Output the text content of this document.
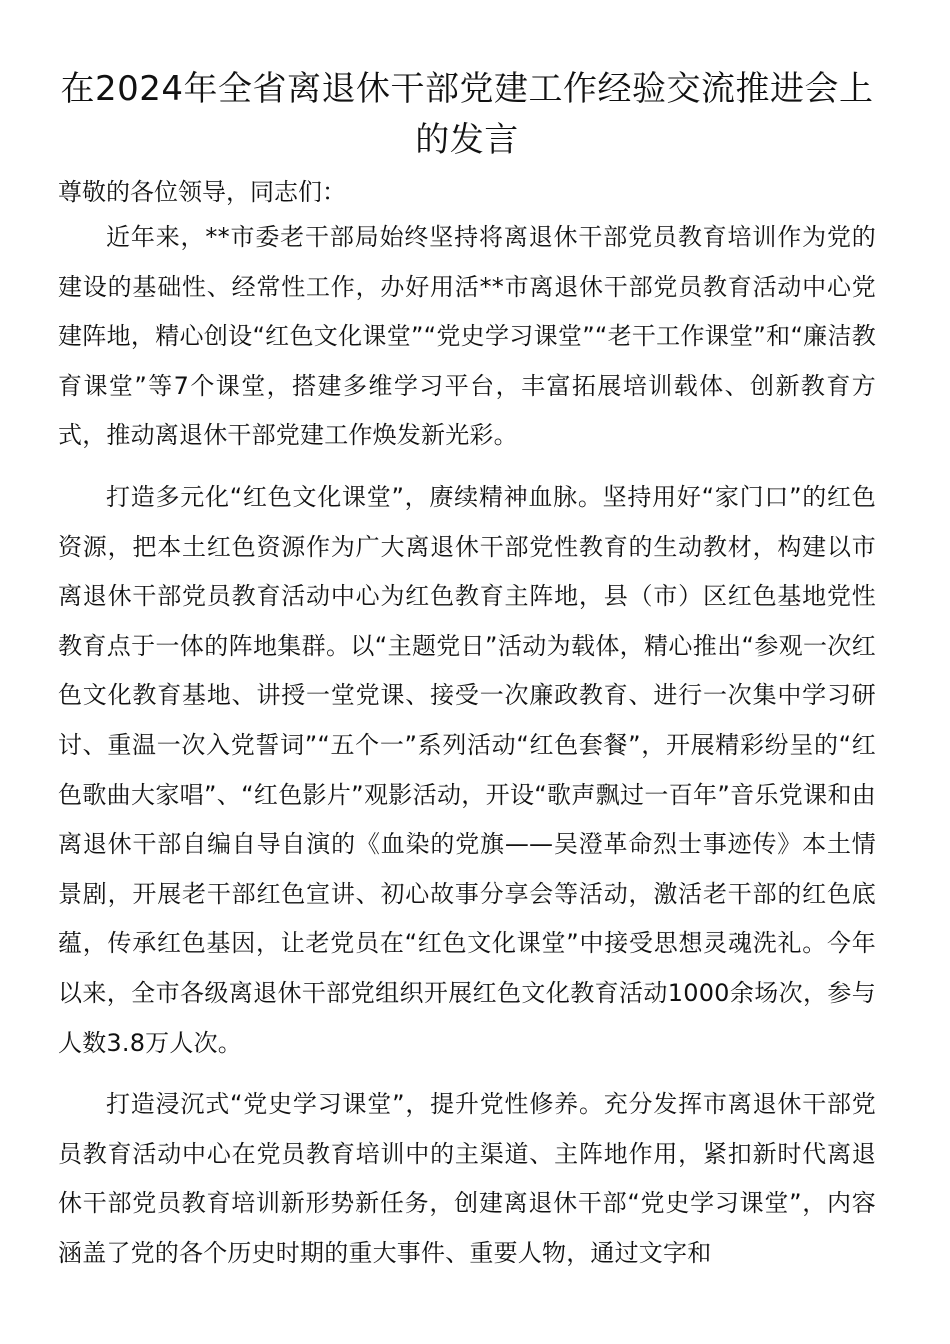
在2024年全省离退休干部党建工作经验交流推进会上的发言

尊敬的各位领导，同志们：

近年来，**市委老干部局始终坚持将离退休干部党员教育培训作为党的建设的基础性、经常性工作，办好用活**市离退休干部党员教育活动中心党建阵地，精心创设“红色文化课堂”“党史学习课堂”“老干工作课堂”和“廉洁教育课堂”等7个课堂，搭建多维学习平台，丰富拓展培训载体、创新教育方式，推动离退休干部党建工作焕发新光彩。

打造多元化“红色文化课堂”，赓续精神血脉。坚持用好“家门口”的红色资源，把本土红色资源作为广大离退休干部党性教育的生动教材，构建以市离退休干部党员教育活动中心为红色教育主阵地，县（市）区红色基地党性教育点于一体的阵地集群。以“主题党日”活动为载体，精心推出“参观一次红色文化教育基地、讲授一堂党课、接受一次廉政教育、进行一次集中学习研讨、重温一次入党誓词”“五个一”系列活动“红色套餐”，开展精彩纷呈的“红色歌曲大家唱”、“红色影片”观影活动，开设“歌声飘过一百年”音乐党课和由离退休干部自编自导自演的《血染的党旗——吴澄革命烈士事迹传》本土情景剧，开展老干部红色宣讲、初心故事分享会等活动，激活老干部的红色底蕴，传承红色基因，让老党员在“红色文化课堂”中接受思想灵魂洗礼。今年以来，全市各级离退休干部党组织开展红色文化教育活动1000余场次，参与人数3.8万人次。

打造浸沉式“党史学习课堂”，提升党性修养。充分发挥市离退休干部党员教育活动中心在党员教育培训中的主渠道、主阵地作用，紧扣新时代离退休干部党员教育培训新形势新任务，创建离退休干部“党史学习课堂”，内容涵盖了党的各个历史时期的重大事件、重要人物，通过文字和
